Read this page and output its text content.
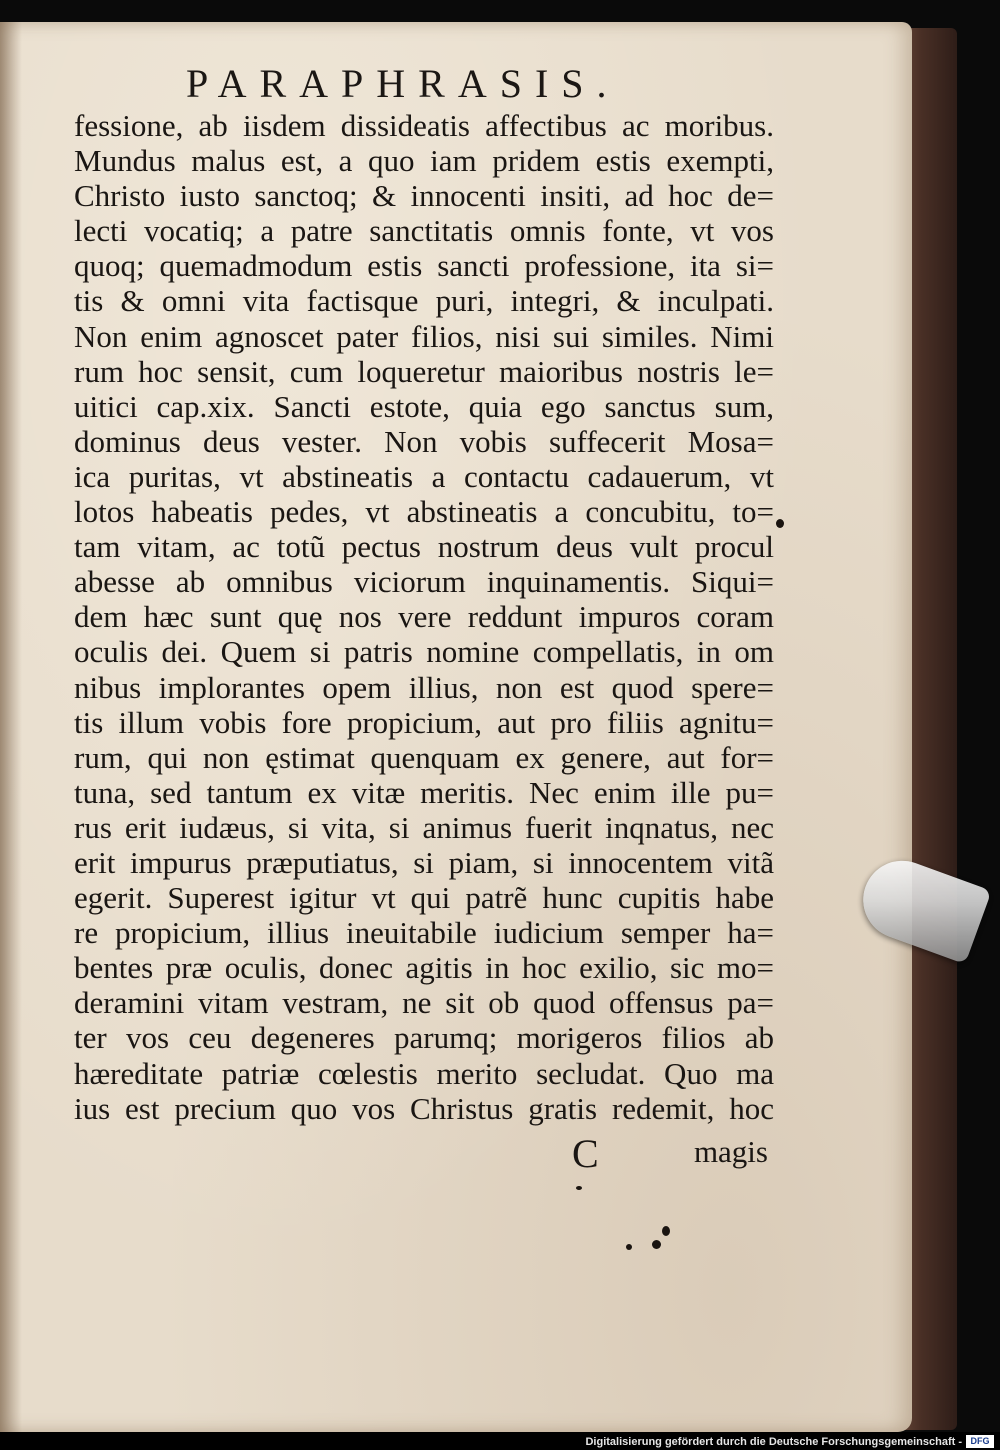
PARAPHRASIS.
fessione, ab iisdem dissideatis affectibus ac moribus.
Mundus malus est, a quo iam pridem estis exempti,
Christo iusto sanctoq; & innocenti insiti, ad hoc de=
lecti vocatiq; a patre sanctitatis omnis fonte, vt vos
quoq; quemadmodum estis sancti professione, ita si=
tis & omni vita factisque puri, integri, & inculpati.
Non enim agnoscet pater filios, nisi sui similes. Nimi
rum hoc sensit, cum loqueretur maioribus nostris le=
uitici cap.xix. Sancti estote, quia ego sanctus sum,
dominus deus vester. Non vobis suffecerit Mosa=
ica puritas, vt abstineatis a contactu cadauerum, vt
lotos habeatis pedes, vt abstineatis a concubitu, to=
tam vitam, ac totũ pectus nostrum deus vult procul
abesse ab omnibus viciorum inquinamentis. Siqui=
dem hæc sunt quę nos vere reddunt impuros coram
oculis dei. Quem si patris nomine compellatis, in om
nibus implorantes opem illius, non est quod spere=
tis illum vobis fore propicium, aut pro filiis agnitu=
rum, qui non ęstimat quenquam ex genere, aut for=
tuna, sed tantum ex vitæ meritis. Nec enim ille pu=
rus erit iudæus, si vita, si animus fuerit inqnatus, nec
erit impurus præputiatus, si piam, si innocentem vitã
egerit. Superest igitur vt qui patrẽ hunc cupitis habe
re propicium, illius ineuitabile iudicium semper ha=
bentes præ oculis, donec agitis in hoc exilio, sic mo=
deramini vitam vestram, ne sit ob quod offensus pa=
ter vos ceu degeneres parumq; morigeros filios ab
hæreditate patriæ cœlestis merito secludat. Quo ma
ius est precium quo vos Christus gratis redemit, hoc
C	magis
Digitalisierung gefördert durch die Deutsche Forschungsgemeinschaft - DFG
